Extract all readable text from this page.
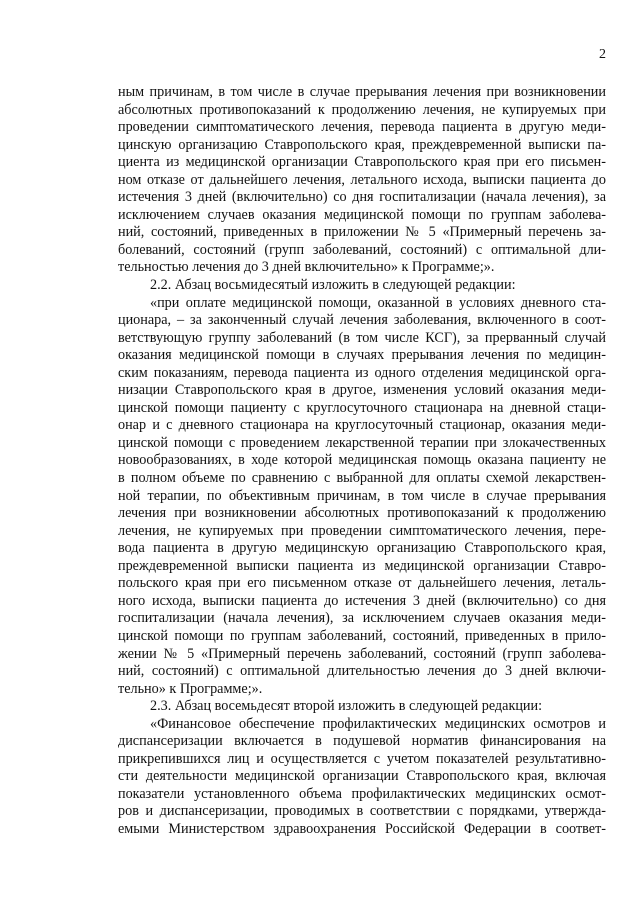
2
ным причинам, в том числе в случае прерывания лечения при возникновении
абсолютных противопоказаний к продолжению лечения, не купируемых при
проведении симптоматического лечения, перевода пациента в другую меди-
цинскую организацию Ставропольского края, преждевременной выписки па-
циента из медицинской организации Ставропольского края при его письмен-
ном отказе от дальнейшего лечения, летального исхода, выписки пациента до
истечения 3 дней (включительно) со дня госпитализации (начала лечения), за
исключением случаев оказания медицинской помощи по группам заболева-
ний, состояний, приведенных в приложении № 5 «Примерный перечень за-
болеваний, состояний (групп заболеваний, состояний) с оптимальной дли-
тельностью лечения до 3 дней включительно» к Программе;».
2.2. Абзац восьмидесятый изложить в следующей редакции:
«при оплате медицинской помощи, оказанной в условиях дневного ста-
ционара, – за законченный случай лечения заболевания, включенного в соот-
ветствующую группу заболеваний (в том числе КСГ), за прерванный случай
оказания медицинской помощи в случаях прерывания лечения по медицин-
ским показаниям, перевода пациента из одного отделения медицинской орга-
низации Ставропольского края в другое, изменения условий оказания меди-
цинской помощи пациенту с круглосуточного стационара на дневной стаци-
онар и с дневного стационара на круглосуточный стационар, оказания меди-
цинской помощи с проведением лекарственной терапии при злокачественных
новообразованиях, в ходе которой медицинская помощь оказана пациенту не
в полном объеме по сравнению с выбранной для оплаты схемой лекарствен-
ной терапии, по объективным причинам, в том числе в случае прерывания
лечения при возникновении абсолютных противопоказаний к продолжению
лечения, не купируемых при проведении симптоматического лечения, пере-
вода пациента в другую медицинскую организацию Ставропольского края,
преждевременной выписки пациента из медицинской организации Ставро-
польского края при его письменном отказе от дальнейшего лечения, леталь-
ного исхода, выписки пациента до истечения 3 дней (включительно) со дня
госпитализации (начала лечения), за исключением случаев оказания меди-
цинской помощи по группам заболеваний, состояний, приведенных в прило-
жении № 5 «Примерный перечень заболеваний, состояний (групп заболева-
ний, состояний) с оптимальной длительностью лечения до 3 дней включи-
тельно» к Программе;».
2.3. Абзац восемьдесят второй изложить в следующей редакции:
«Финансовое обеспечение профилактических медицинских осмотров и
диспансеризации включается в подушевой норматив финансирования на
прикрепившихся лиц и осуществляется с учетом показателей результативно-
сти деятельности медицинской организации Ставропольского края, включая
показатели установленного объема профилактических медицинских осмот-
ров и диспансеризации, проводимых в соответствии с порядками, утвержда-
емыми Министерством здравоохранения Российской Федерации в соответ-
